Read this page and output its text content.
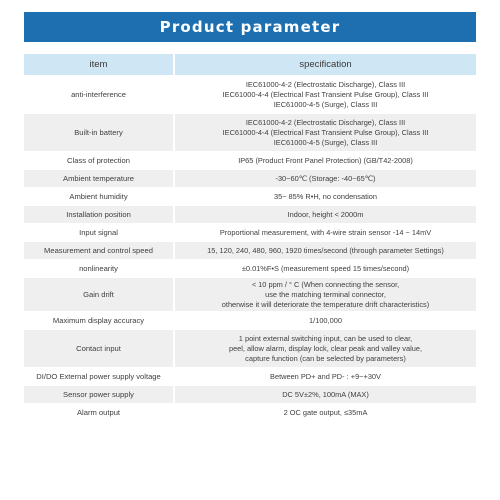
Product parameter
item	specification
anti-interference	IEC61000-4-2 (Electrostatic Discharge), Class III
IEC61000-4-4 (Electrical Fast Transient Pulse Group), Class III
IEC61000-4-5 (Surge), Class III

Built-in battery	IEC61000-4-2 (Electrostatic Discharge), Class III
IEC61000-4-4 (Electrical Fast Transient Pulse Group), Class III
IEC61000-4-5 (Surge), Class III

Class of protection	IP65 (Product Front Panel Protection) (GB/T42-2008)

Ambient temperature	-30~60℃ (Storage: -40~65℃)

Ambient humidity	35~ 85% R•H, no condensation

Installation position	Indoor, height < 2000m

Input signal	Proportional measurement, with 4-wire strain sensor -14 ~ 14mV

Measurement and control speed	15, 120, 240, 480, 960, 1920 times/second (through parameter Settings)

nonlinearity	±0.01%F•S (measurement speed 15 times/second)

Gain drift	< 10 ppm / ° C (When connecting the sensor,
use the matching terminal connector,
otherwise it will deteriorate the temperature drift characteristics)

Maximum display accuracy	1/100,000

Contact input	1 point external switching input, can be used to clear,
peel, allow alarm, display lock, clear peak and valley value,
capture function (can be selected by parameters)

DI/DO External power supply voltage	Between PD+ and PD- : +9~+30V

Sensor power supply	DC 5V±2%, 100mA (MAX)

Alarm output	2 OC gate output, ≤35mA
